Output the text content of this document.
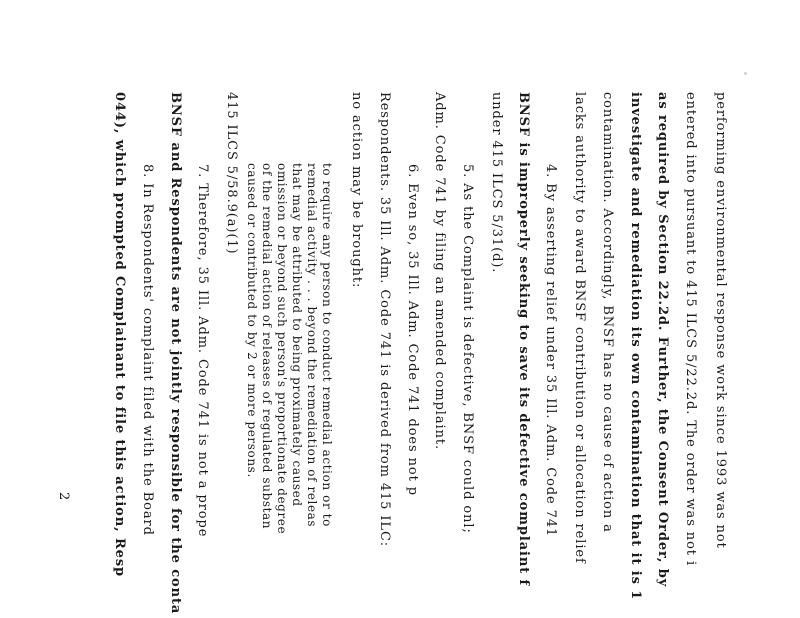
performing environmental response work since 1993 was not
entered into pursuant to 415 ILCS 5/22.2d. The order was not i
as required by Section 22.2d. Further, the Consent Order, by
investigate and remediation its own contamination that it is 1
contamination. Accordingly, BNSF has no cause of action a
lacks authority to award BNSF contribution or allocation relief
4. By asserting relief under 35 Ill. Adm. Code 741
BNSF is improperly seeking to save its defective complaint f
under 415 ILCS 5/31(d).
5. As the Complaint is defective, BNSF could onl;
Adm. Code 741 by filing an amended complaint.
6. Even so, 35 Ill. Adm. Code 741 does not p
Respondents. 35 Ill. Adm. Code 741 is derived from 415 ILC:
no action may be brought:
to require any person to conduct remedial action or to
remedial activity . . . beyond the remediation of releas
that may be attributed to being proximately caused
omission or beyond such person's proportionate degree
of the remedial action of releases of regulated substan
caused or contributed to by 2 or more persons.
415 ILCS 5/58.9(a)(1)
7. Therefore, 35 Ill. Adm. Code 741 is not a prope
BNSF and Respondents are not jointly responsible for the conta
8. In Respondents' complaint filed with the Board
044), which prompted Complainant to file this action, Resp
2
